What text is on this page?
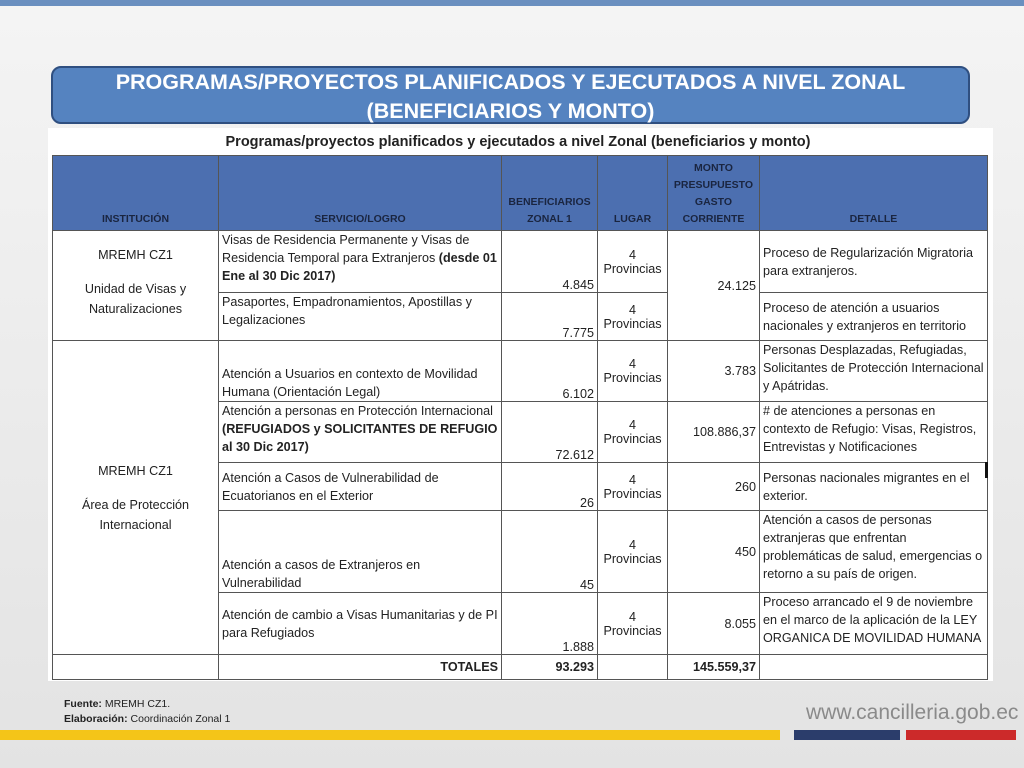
PROGRAMAS/PROYECTOS PLANIFICADOS Y EJECUTADOS A NIVEL ZONAL
(BENEFICIARIOS Y MONTO)
Programas/proyectos planificados y ejecutados a nivel Zonal (beneficiarios y monto)
INSTITUCIÓN	SERVICIO/LOGRO	BENEFICIARIOS ZONAL 1	LUGAR	MONTO PRESUPUESTO GASTO CORRIENTE	DETALLE

MREMH CZ1
Unidad de Visas y Naturalizaciones	Visas de Residencia Permanente y Visas de Residencia Temporal para Extranjeros (desde 01 Ene al 30 Dic 2017)	4.845	4 Provincias	24.125	Proceso de Regularización Migratoria para extranjeros.
	Pasaportes, Empadronamientos, Apostillas y Legalizaciones	7.775	4 Provincias		Proceso de atención a usuarios nacionales y extranjeros en territorio

MREMH CZ1
Área de Protección Internacional	Atención a Usuarios en contexto de Movilidad Humana (Orientación Legal)	6.102	4 Provincias	3.783	Personas Desplazadas, Refugiadas, Solicitantes de Protección Internacional y Apátridas.
	Atención a personas en Protección Internacional (REFUGIADOS y SOLICITANTES DE REFUGIO al 30 Dic 2017)	72.612	4 Provincias	108.886,37	# de atenciones a personas en contexto de Refugio: Visas, Registros, Entrevistas y Notificaciones
	Atención a Casos de Vulnerabilidad de Ecuatorianos en el Exterior	26	4 Provincias	260	Personas nacionales migrantes en el exterior.
	Atención a casos de Extranjeros en Vulnerabilidad	45	4 Provincias	450	Atención a casos de personas extranjeras que enfrentan problemáticas de salud, emergencias o retorno a su país de origen.
	Atención de cambio a Visas Humanitarias y de PI para Refugiados	1.888	4 Provincias	8.055	Proceso arrancado el 9 de noviembre en el marco de la aplicación de la LEY ORGANICA DE MOVILIDAD HUMANA
	TOTALES	93.293		145.559,37	
Fuente: MREMH CZ1.
Elaboración: Coordinación Zonal 1	www.cancilleria.gob.ec
